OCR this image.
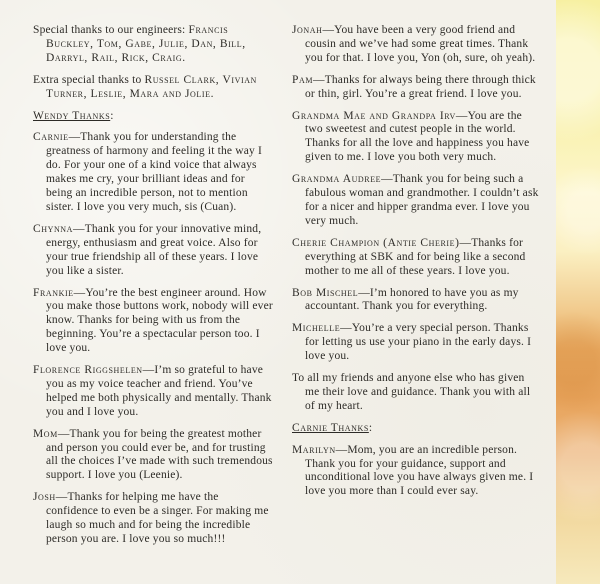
Special thanks to our engineers: Francis Buckley, Tom, Gabe, Julie, Dan, Bill, Darryl, Rail, Rick, Craig.

Extra special thanks to Russel Clark, Vivian Turner, Leslie, Mara and Jolie.

Wendy Thanks:

Carnie—Thank you for understanding the greatness of harmony and feeling it the way I do. For your one of a kind voice that always makes me cry, your brilliant ideas and for being an incredible person, not to mention sister. I love you very much, sis (Cuan).

Chynna—Thank you for your innovative mind, energy, enthusiasm and great voice. Also for your true friendship all of these years. I love you like a sister.

Frankie—You’re the best engineer around. How you make those buttons work, nobody will ever know. Thanks for being with us from the beginning. You’re a spectacular person too. I love you.

Florence Riggshelen—I’m so grateful to have you as my voice teacher and friend. You’ve helped me both physically and mentally. Thank you and I love you.

Mom—Thank you for being the greatest mother and person you could ever be, and for trusting all the choices I’ve made with such tremendous support. I love you (Leenie).

Josh—Thanks for helping me have the confidence to even be a singer. For making me laugh so much and for being the incredible person you are. I love you so much!!!

Jonah—You have been a very good friend and cousin and we’ve had some great times. Thank you for that. I love you, Yon (oh, sure, oh yeah).

Pam—Thanks for always being there through thick or thin, girl. You’re a great friend. I love you.

Grandma Mae and Grandpa Irv—You are the two sweetest and cutest people in the world. Thanks for all the love and happiness you have given to me. I love you both very much.

Grandma Audree—Thank you for being such a fabulous woman and grandmother. I couldn’t ask for a nicer and hipper grandma ever. I love you very much.

Cherie Champion (Antie Cherie)—Thanks for everything at SBK and for being like a second mother to me all of these years. I love you.

Bob Mischel—I’m honored to have you as my accountant. Thank you for everything.

Michelle—You’re a very special person. Thanks for letting us use your piano in the early days. I love you.

To all my friends and anyone else who has given me their love and guidance. Thank you with all of my heart.

Carnie Thanks:

Marilyn—Mom, you are an incredible person. Thank you for your guidance, support and unconditional love you have always given me. I love you more than I could ever say.
